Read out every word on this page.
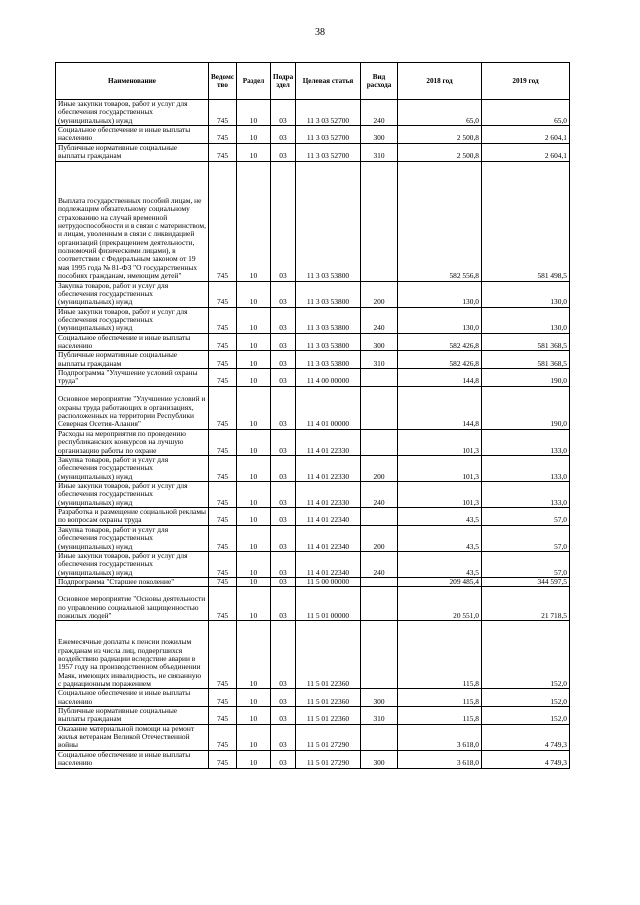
38
Наименование	Ведомс тво	Раздел	Подра здел	Целевая статья	Вид расхода	2018 год	2019 год
Иные закупки товаров, работ и услуг для обеспечения государственных (муниципальных) нужд	745	10	03	11 3 03 52700	240	65,0	65,0
Социальное обеспечение и иные выплаты населению	745	10	03	11 3 03 52700	300	2 500,8	2 604,1
Публичные нормативные социальные выплаты гражданам	745	10	03	11 3 03 52700	310	2 500,8	2 604,1
Выплата государственных пособий лицам, не подлежащим обязательному социальному страхованию на случай временной нетрудоспособности и в связи с материнством, и лицам, уволенным в связи с ликвидацией организаций (прекращением деятельности, полномочий физическими лицами), в соответствии с Федеральным законом от 19 мая 1995 года № 81-ФЗ "О государственных пособиях гражданам, имеющим детей"	745	10	03	11 3 03 53800		582 556,8	581 498,5
Закупка товаров, работ и услуг для обеспечения государственных (муниципальных) нужд	745	10	03	11 3 03 53800	200	130,0	130,0
Иные закупки товаров, работ и услуг для обеспечения государственных (муниципальных) нужд	745	10	03	11 3 03 53800	240	130,0	130,0
Социальное обеспечение и иные выплаты населению	745	10	03	11 3 03 53800	300	582 426,8	581 368,5
Публичные нормативные социальные выплаты гражданам	745	10	03	11 3 03 53800	310	582 426,8	581 368,5
Подпрограмма "Улучшение условий охраны труда"	745	10	03	11 4 00 00000		144,8	190,0
Основное мероприятие "Улучшение условий и охраны труда работающих в организациях, расположенных на территории Республики Северная Осетия-Алания"	745	10	03	11 4 01 00000		144,8	190,0
Расходы на мероприятия по проведению республиканских конкурсов на лучшую организацию работы по охране	745	10	03	11 4 01 22330		101,3	133,0
Закупка товаров, работ и услуг для обеспечения государственных (муниципальных) нужд	745	10	03	11 4 01 22330	200	101,3	133,0
Иные закупки товаров, работ и услуг для обеспечения государственных (муниципальных) нужд	745	10	03	11 4 01 22330	240	101,3	133,0
Разработка и размещение социальной рекламы по вопросам охраны труда	745	10	03	11 4 01 22340		43,5	57,0
Закупка товаров, работ и услуг для обеспечения государственных (муниципальных) нужд	745	10	03	11 4 01 22340	200	43,5	57,0
Иные закупки товаров, работ и услуг для обеспечения государственных (муниципальных) нужд	745	10	03	11 4 01 22340	240	43,5	57,0
Подпрограмма "Старшее поколение"	745	10	03	11 5 00 00000		209 485,4	344 597,5
Основное мероприятие "Основы деятельности по управлению социальной защищенностью пожилых людей"	745	10	03	11 5 01 00000		20 551,0	21 718,5
Ежемесячные доплаты к пенсии пожилым гражданам из числа лиц, подвергшихся воздействию радиации вследствие аварии в 1957 году на производственном объединении Маяк, имеющих инвалидность, не связанную с радиационным поражением	745	10	03	11 5 01 22360		115,8	152,0
Социальное обеспечение и иные выплаты населению	745	10	03	11 5 01 22360	300	115,8	152,0
Публичные нормативные социальные выплаты гражданам	745	10	03	11 5 01 22360	310	115,8	152,0
Оказание материальной помощи на ремонт жилья ветеранам Великой Отечественной войны	745	10	03	11 5 01 27290		3 618,0	4 749,3
Социальное обеспечение и иные выплаты населению	745	10	03	11 5 01 27290	300	3 618,0	4 749,3
